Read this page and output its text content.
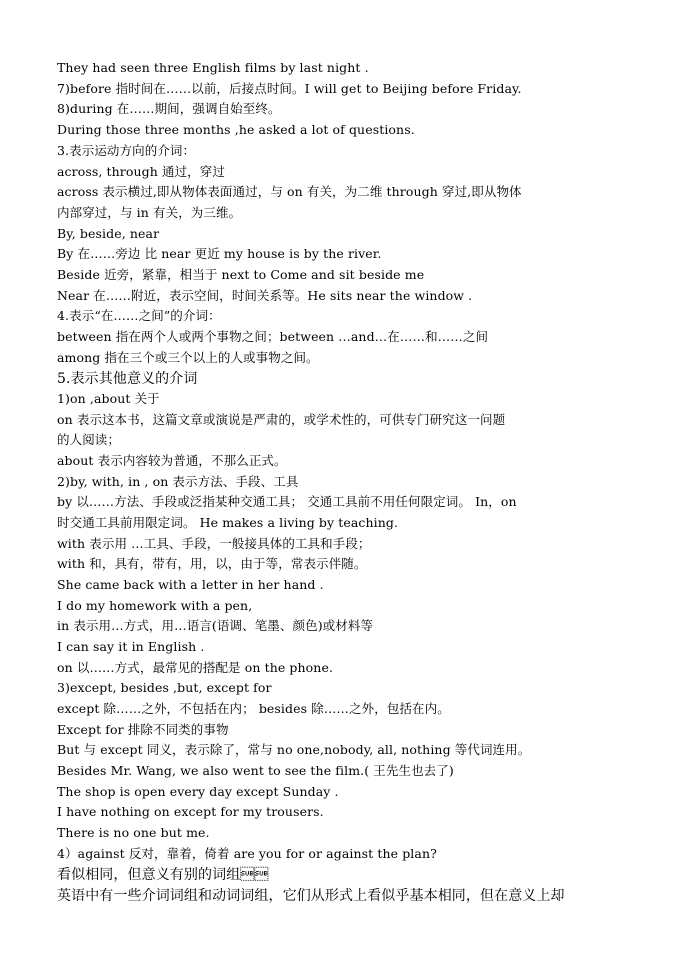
They had seen three English films by last night .
7)before 指时间在……以前，后接点时间。I will get to Beijing before Friday.
8)during 在……期间，强调自始至终。
During those three months ,he asked a lot of questions.
3.表示运动方向的介词：
across, through 通过，穿过
across 表示横过,即从物体表面通过，与 on 有关，为二维 through 穿过,即从物体
内部穿过，与 in 有关，为三维。
By, beside, near
By 在……旁边 比 near 更近 my house is by the river.
Beside 近旁，紧靠，相当于 next to Come and sit beside me
Near 在……附近，表示空间，时间关系等。He sits near the window .
4.表示“在……之间”的介词：
between 指在两个人或两个事物之间；between …and…在……和……之间
among 指在三个或三个以上的人或事物之间。
5.表示其他意义的介词
1)on ,about 关于
on 表示这本书，这篇文章或演说是严肃的，或学术性的，可供专门研究这一问题
的人阅读；
about 表示内容较为普通，不那么正式。
2)by, with, in , on 表示方法、手段、工具
by 以……方法、手段或泛指某种交通工具； 交通工具前不用任何限定词。 In，on
时交通工具前用限定词。 He makes a living by teaching.
with 表示用 …工具、手段，一般接具体的工具和手段；
with 和，具有，带有，用，以，由于等，常表示伴随。
She came back with a letter in her hand .
I do my homework with a pen,
in 表示用…方式，用…语言(语调、笔墨、颜色)或材料等
I can say it in English .
on 以……方式，最常见的搭配是 on the phone.
3)except, besides ,but, except for
except 除……之外，不包括在内； besides 除……之外，包括在内。
Except for 排除不同类的事物
But 与 except 同义，表示除了，常与 no one,nobody, all, nothing 等代词连用。
Besides Mr. Wang, we also went to see the film.( 王先生也去了)
The shop is open every day except Sunday .
I have nothing on except for my trousers.
There is no one but me.
4）against 反对，靠着，倚着 are you for or against the plan?
看似相同，但意义有别的词组
英语中有一些介词词组和动词词组，它们从形式上看似乎基本相同，但在意义上却
